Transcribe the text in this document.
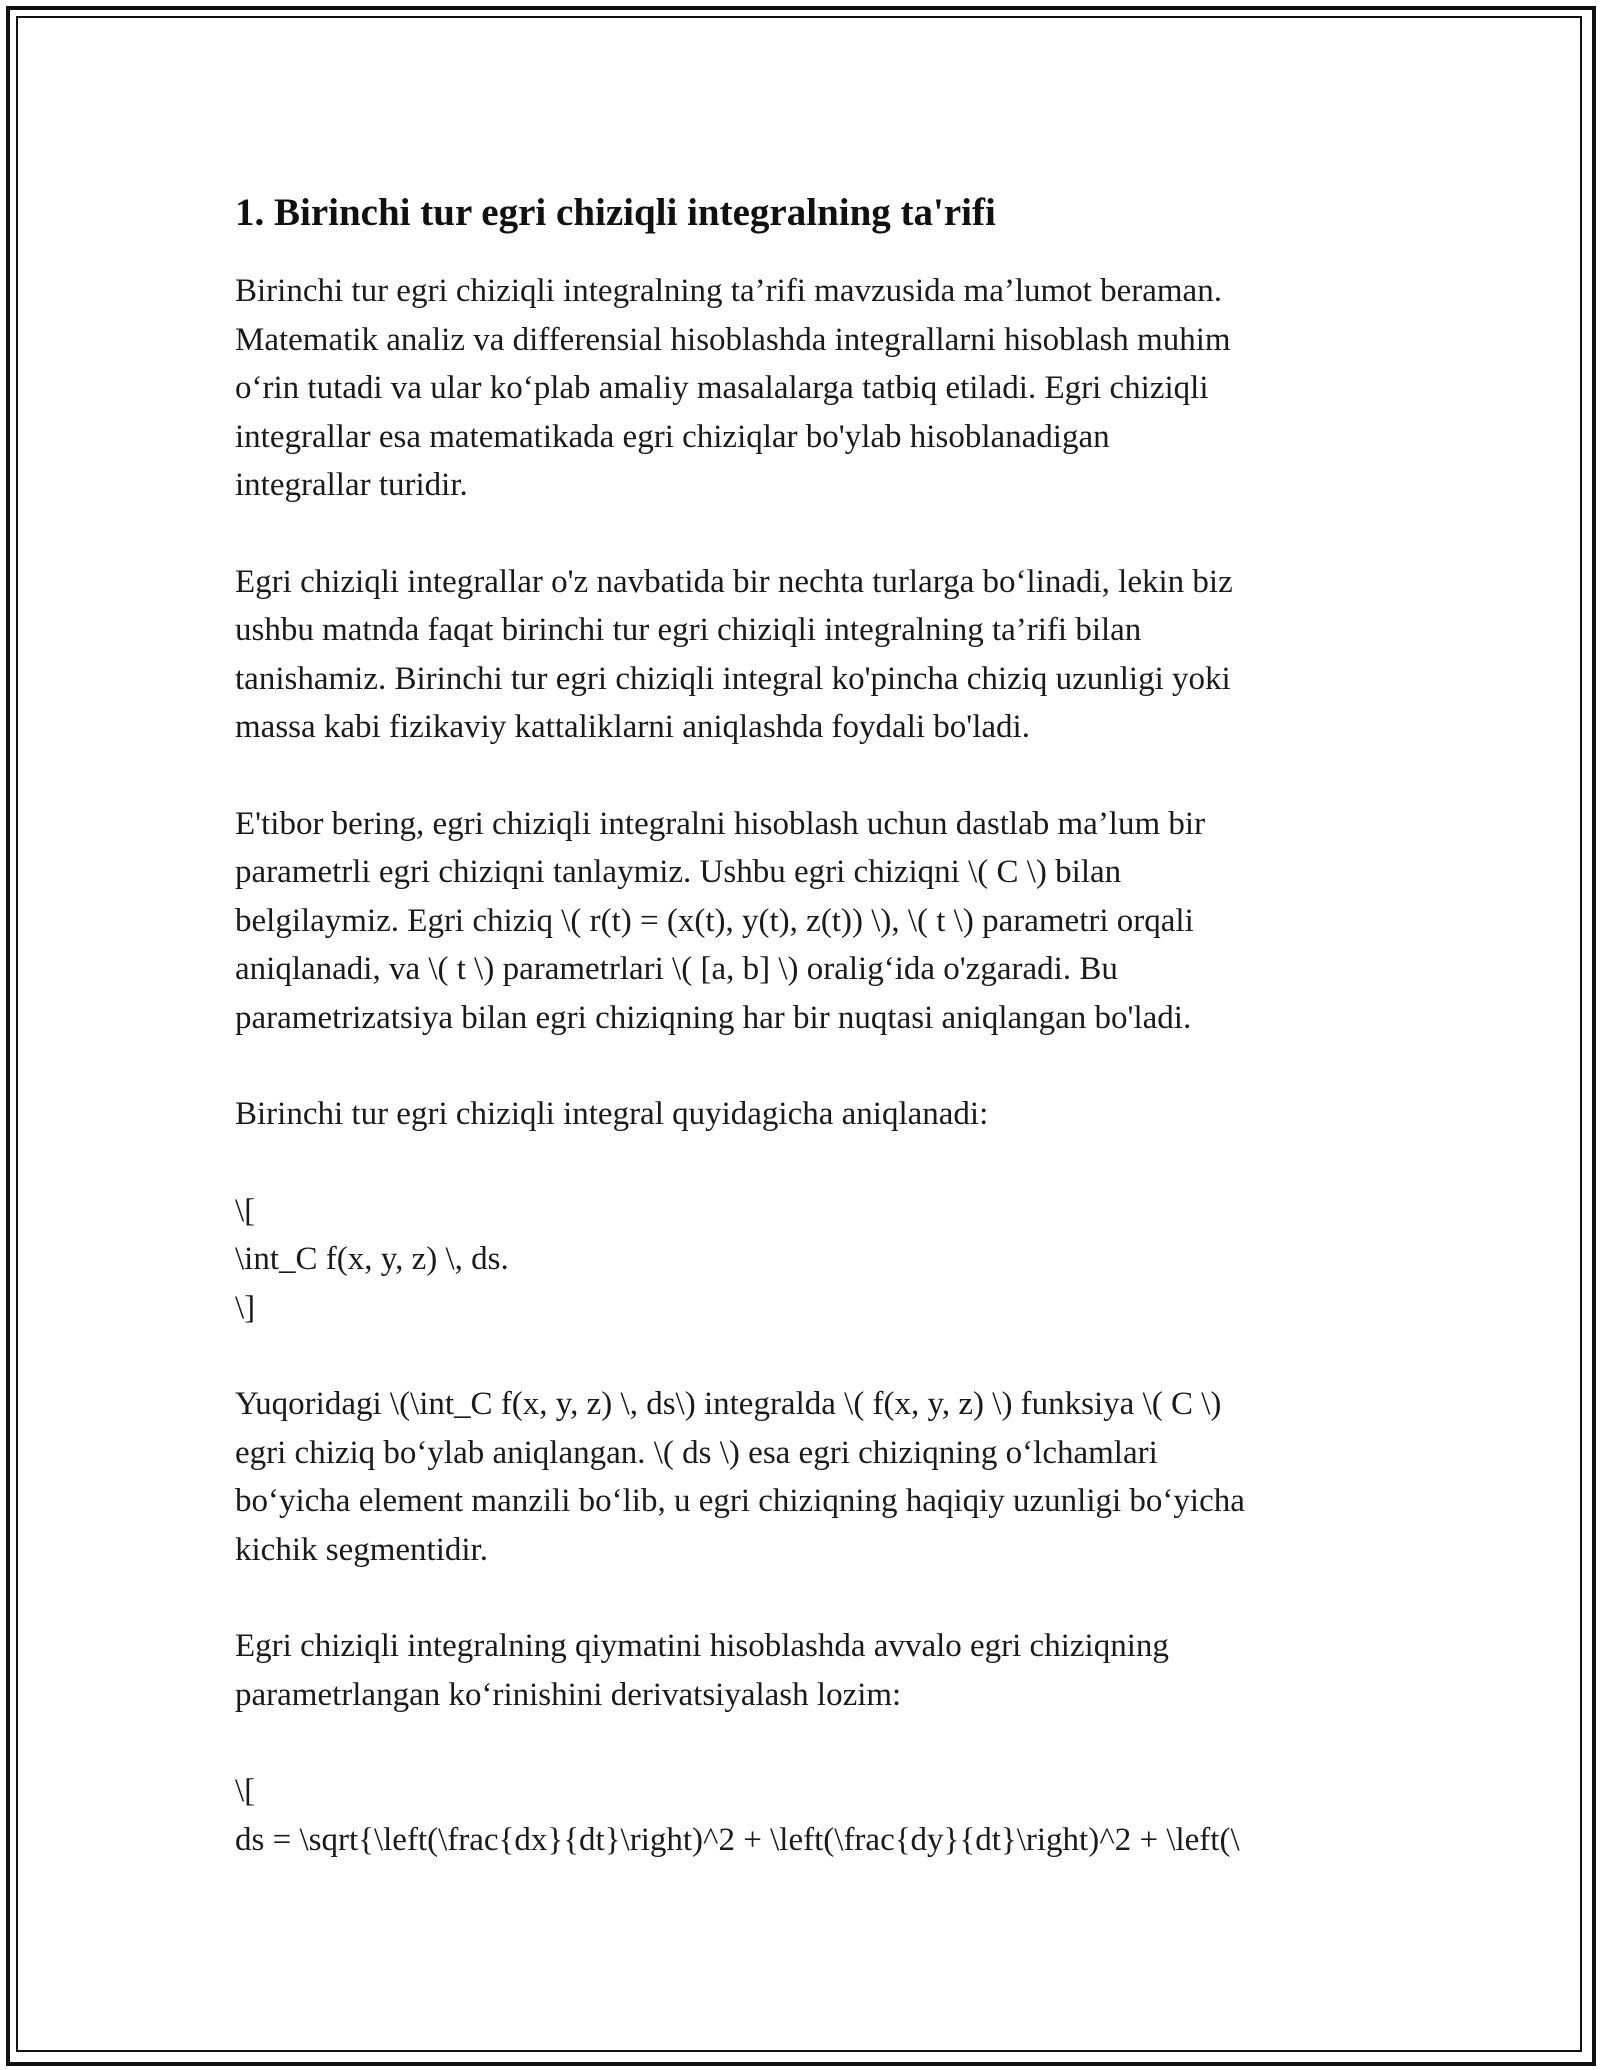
1. Birinchi tur egri chiziqli integralning ta'rifi

Birinchi tur egri chiziqli integralning ta’rifi mavzusida ma’lumot beraman.
Matematik analiz va differensial hisoblashda integrallarni hisoblash muhim
o‘rin tutadi va ular ko‘plab amaliy masalalarga tatbiq etiladi. Egri chiziqli
integrallar esa matematikada egri chiziqlar bo'ylab hisoblanadigan
integrallar turidir.

Egri chiziqli integrallar o'z navbatida bir nechta turlarga bo‘linadi, lekin biz
ushbu matnda faqat birinchi tur egri chiziqli integralning ta’rifi bilan
tanishamiz. Birinchi tur egri chiziqli integral ko'pincha chiziq uzunligi yoki
massa kabi fizikaviy kattaliklarni aniqlashda foydali bo'ladi.

E'tibor bering, egri chiziqli integralni hisoblash uchun dastlab ma’lum bir
parametrli egri chiziqni tanlaymiz. Ushbu egri chiziqni \( C \) bilan
belgilaymiz. Egri chiziq \( r(t) = (x(t), y(t), z(t)) \), \( t \) parametri orqali
aniqlanadi, va \( t \) parametrlari \( [a, b] \) oralig‘ida o'zgaradi. Bu
parametrizatsiya bilan egri chiziqning har bir nuqtasi aniqlangan bo'ladi.

Birinchi tur egri chiziqli integral quyidagicha aniqlanadi:

\[
\int_C f(x, y, z) \, ds.
\]

Yuqoridagi \(\int_C f(x, y, z) \, ds\) integralda \( f(x, y, z) \) funksiya \( C \)
egri chiziq bo‘ylab aniqlangan. \( ds \) esa egri chiziqning o‘lchamlari
bo‘yicha element manzili bo‘lib, u egri chiziqning haqiqiy uzunligi bo‘yicha
kichik segmentidir.

Egri chiziqli integralning qiymatini hisoblashda avvalo egri chiziqning
parametrlangan ko‘rinishini derivatsiyalash lozim:

\[
ds = \sqrt{\left(\frac{dx}{dt}\right)^2 + \left(\frac{dy}{dt}\right)^2 + \left(\
